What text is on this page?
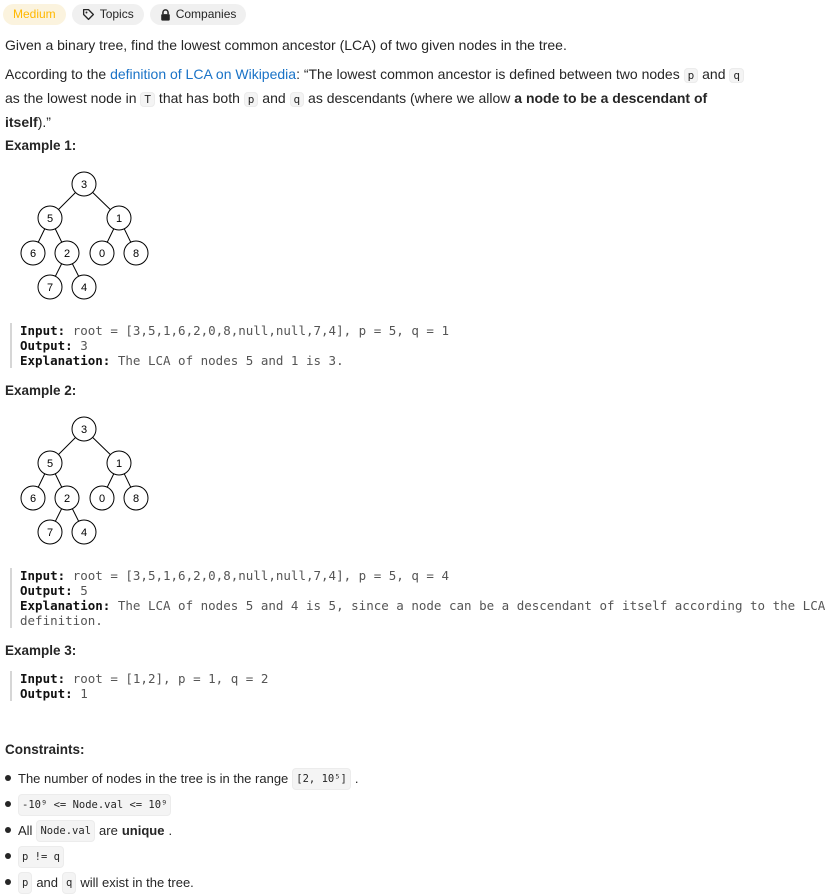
Medium	Topics	Companies

Given a binary tree, find the lowest common ancestor (LCA) of two given nodes in the tree.

According to the definition of LCA on Wikipedia: “The lowest common ancestor is defined between two nodes p and q as the lowest node in T that has both p and q as descendants (where we allow a node to be a descendant of itself).”

Example 1:
3
5	1
6	2	0	8
7	4
Input: root = [3,5,1,6,2,0,8,null,null,7,4], p = 5, q = 1
Output: 3
Explanation: The LCA of nodes 5 and 1 is 3.
Example 2:
3
5	1
6	2	0	8
7	4
Input: root = [3,5,1,6,2,0,8,null,null,7,4], p = 5, q = 4
Output: 5
Explanation: The LCA of nodes 5 and 4 is 5, since a node can be a descendant of itself according to the LCA
definition.
Example 3:
Input: root = [1,2], p = 1, q = 2
Output: 1
Constraints:
The number of nodes in the tree is in the range [2, 10⁵] .
-10⁹ <= Node.val <= 10⁹
All Node.val are unique .
p != q
p and q will exist in the tree.
